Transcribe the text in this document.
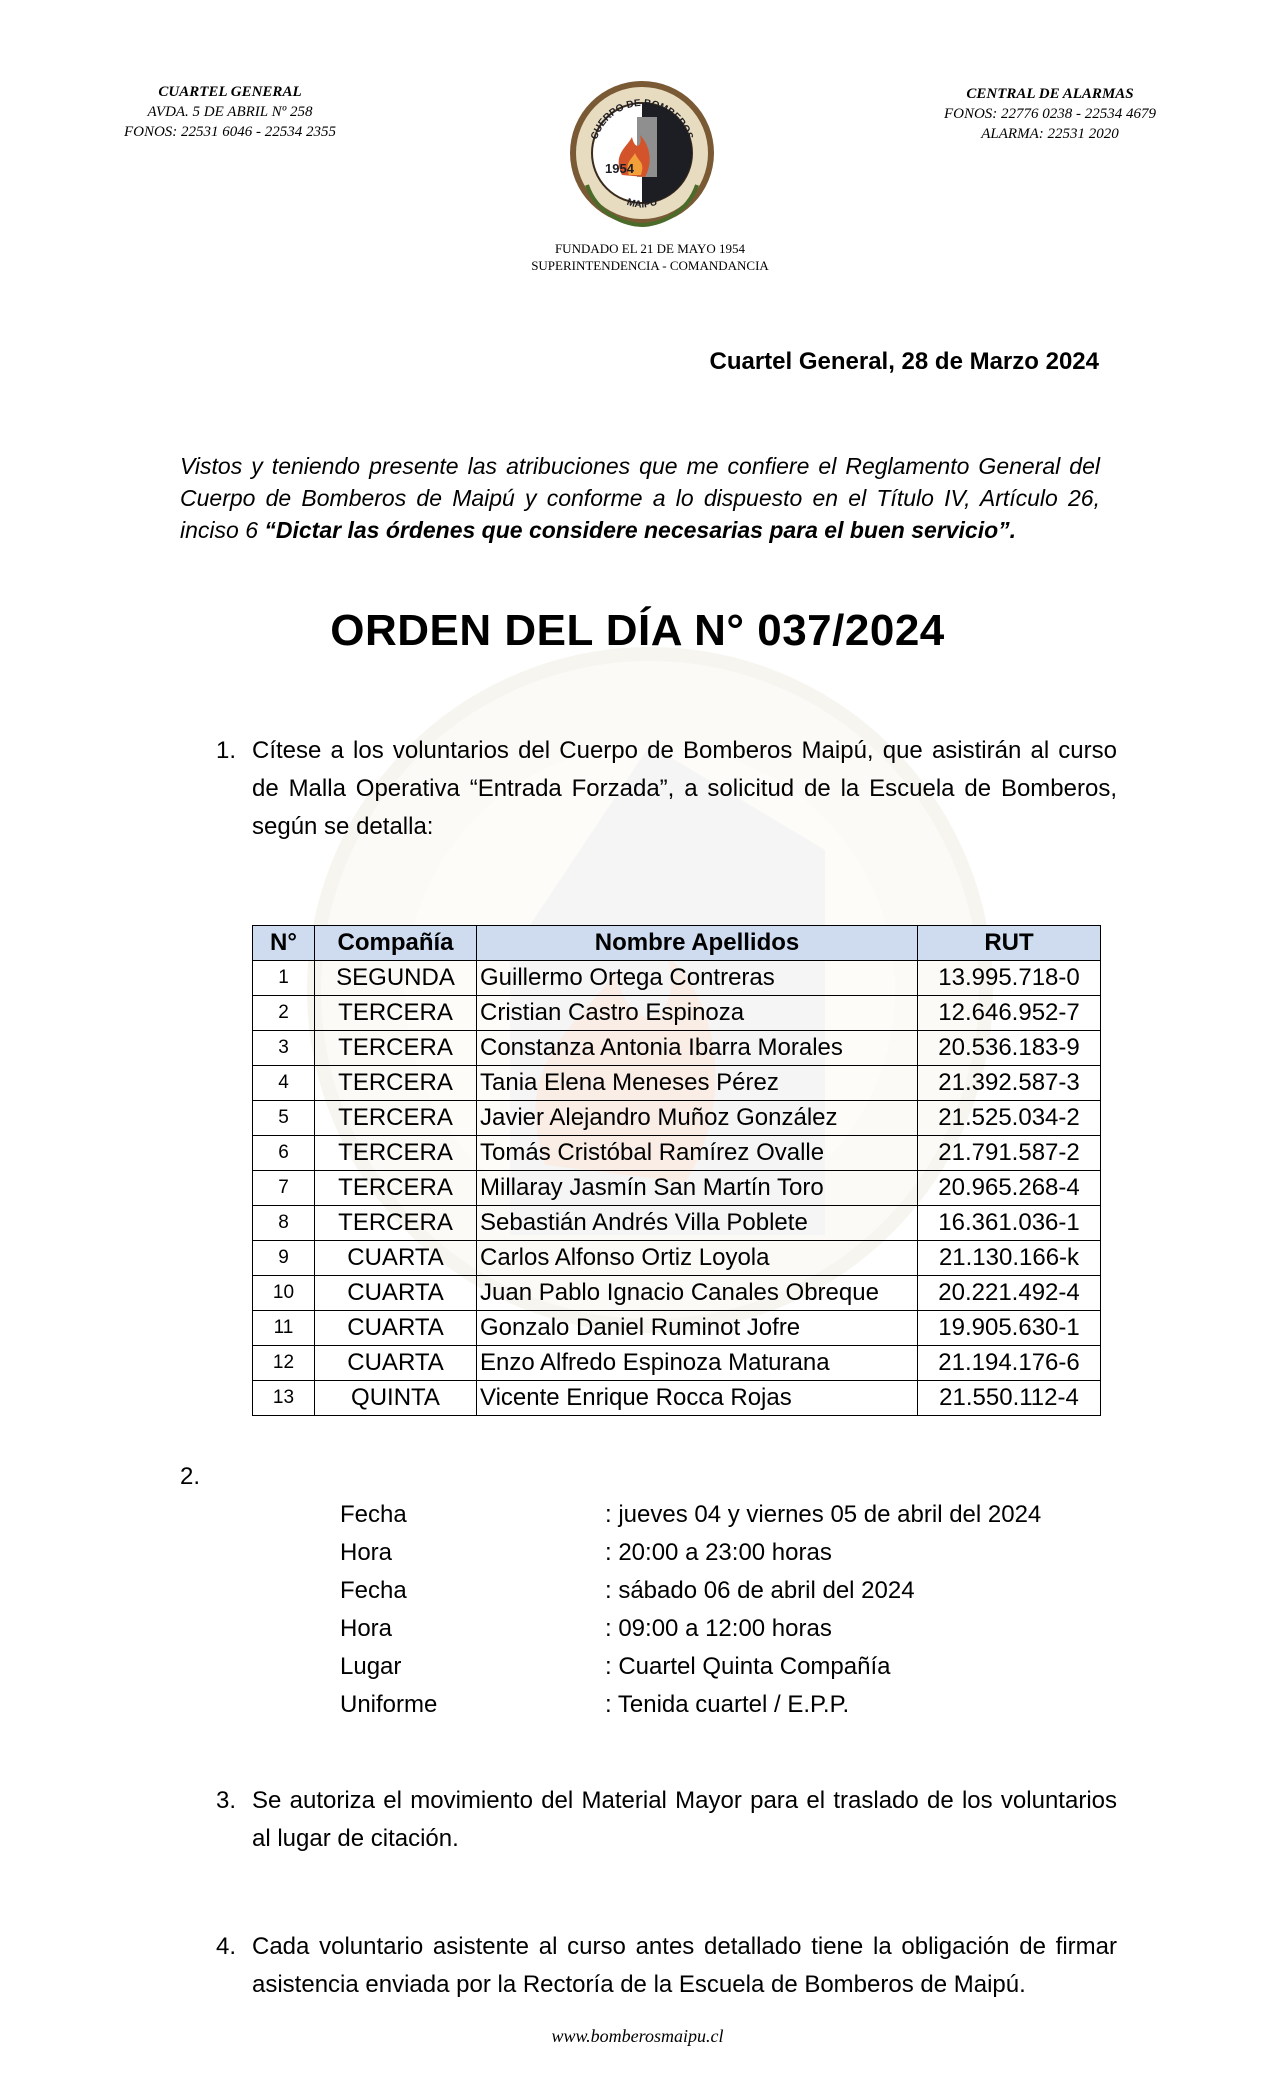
CUARTEL GENERAL
AVDA. 5 DE ABRIL Nº 258
FONOS: 22531 6046 - 22534 2355
1954
CUERPO DE BOMBEROS
MAIPÚ
CENTRAL DE ALARMAS
FONOS: 22776 0238 - 22534 4679
ALARMA: 22531 2020
FUNDADO EL 21 DE MAYO 1954
SUPERINTENDENCIA - COMANDANCIA
Cuartel General, 28 de Marzo 2024
Vistos y teniendo presente las atribuciones que me confiere el Reglamento General del Cuerpo de Bomberos de Maipú y conforme a lo dispuesto en el Título IV, Artículo 26, inciso 6 “Dictar las órdenes que considere necesarias para el buen servicio”.
ORDEN DEL DÍA N° 037/2024
1. Cítese a los voluntarios del Cuerpo de Bomberos Maipú, que asistirán al curso de Malla Operativa “Entrada Forzada”, a solicitud de la Escuela de Bomberos, según se detalla:
N°	Compañía	Nombre Apellidos	RUT
1	SEGUNDA	Guillermo Ortega Contreras	13.995.718-0
2	TERCERA	Cristian Castro Espinoza	12.646.952-7
3	TERCERA	Constanza Antonia Ibarra Morales	20.536.183-9
4	TERCERA	Tania Elena Meneses Pérez	21.392.587-3
5	TERCERA	Javier Alejandro Muñoz González	21.525.034-2
6	TERCERA	Tomás Cristóbal Ramírez Ovalle	21.791.587-2
7	TERCERA	Millaray Jasmín San Martín Toro	20.965.268-4
8	TERCERA	Sebastián Andrés Villa Poblete	16.361.036-1
9	CUARTA	Carlos Alfonso Ortiz Loyola	21.130.166-k
10	CUARTA	Juan Pablo Ignacio Canales Obreque	20.221.492-4
11	CUARTA	Gonzalo Daniel Ruminot Jofre	19.905.630-1
12	CUARTA	Enzo Alfredo Espinoza Maturana	21.194.176-6
13	QUINTA	Vicente Enrique Rocca Rojas	21.550.112-4
2.
Fecha	: jueves 04 y viernes 05 de abril del 2024
Hora	: 20:00 a 23:00 horas
Fecha	: sábado 06 de abril del 2024
Hora	: 09:00 a 12:00 horas
Lugar	: Cuartel Quinta Compañía
Uniforme	: Tenida cuartel / E.P.P.
3. Se autoriza el movimiento del Material Mayor para el traslado de los voluntarios al lugar de citación.
4. Cada voluntario asistente al curso antes detallado tiene la obligación de firmar asistencia enviada por la Rectoría de la Escuela de Bomberos de Maipú.
www.bomberosmaipu.cl
